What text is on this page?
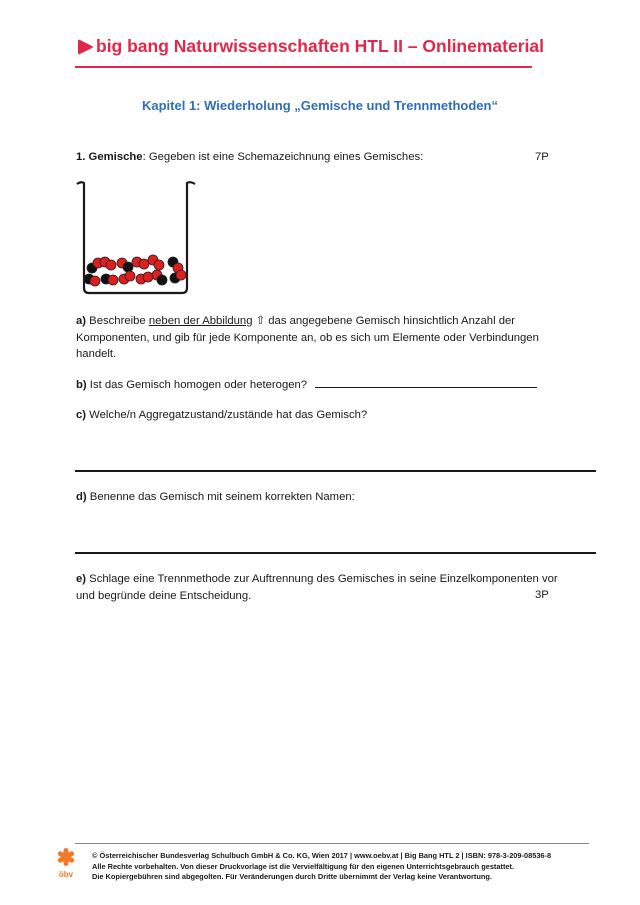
big bang Naturwissenschaften HTL II – Onlinematerial
Kapitel 1: Wiederholung „Gemische und Trennmethoden“
1. Gemische: Gegeben ist eine Schemazeichnung eines Gemisches:	7P
a) Beschreibe neben der Abbildung ⇧ das angegebene Gemisch hinsichtlich Anzahl der
Komponenten, und gib für jede Komponente an, ob es sich um Elemente oder Verbindungen
handelt.
b) Ist das Gemisch homogen oder heterogen?
c) Welche/n Aggregatzustand/zustände hat das Gemisch?
d) Benenne das Gemisch mit seinem korrekten Namen:
e) Schlage eine Trennmethode zur Auftrennung des Gemisches in seine Einzelkomponenten vor
und begründe deine Entscheidung.	3P
öbv
© Österreichischer Bundesverlag Schulbuch GmbH & Co. KG, Wien 2017 | www.oebv.at | Big Bang HTL 2 | ISBN: 978-3-209-08536-8
Alle Rechte vorbehalten. Von dieser Druckvorlage ist die Vervielfältigung für den eigenen Unterrichtsgebrauch gestattet.
Die Kopiergebühren sind abgegolten. Für Veränderungen durch Dritte übernimmt der Verlag keine Verantwortung.
